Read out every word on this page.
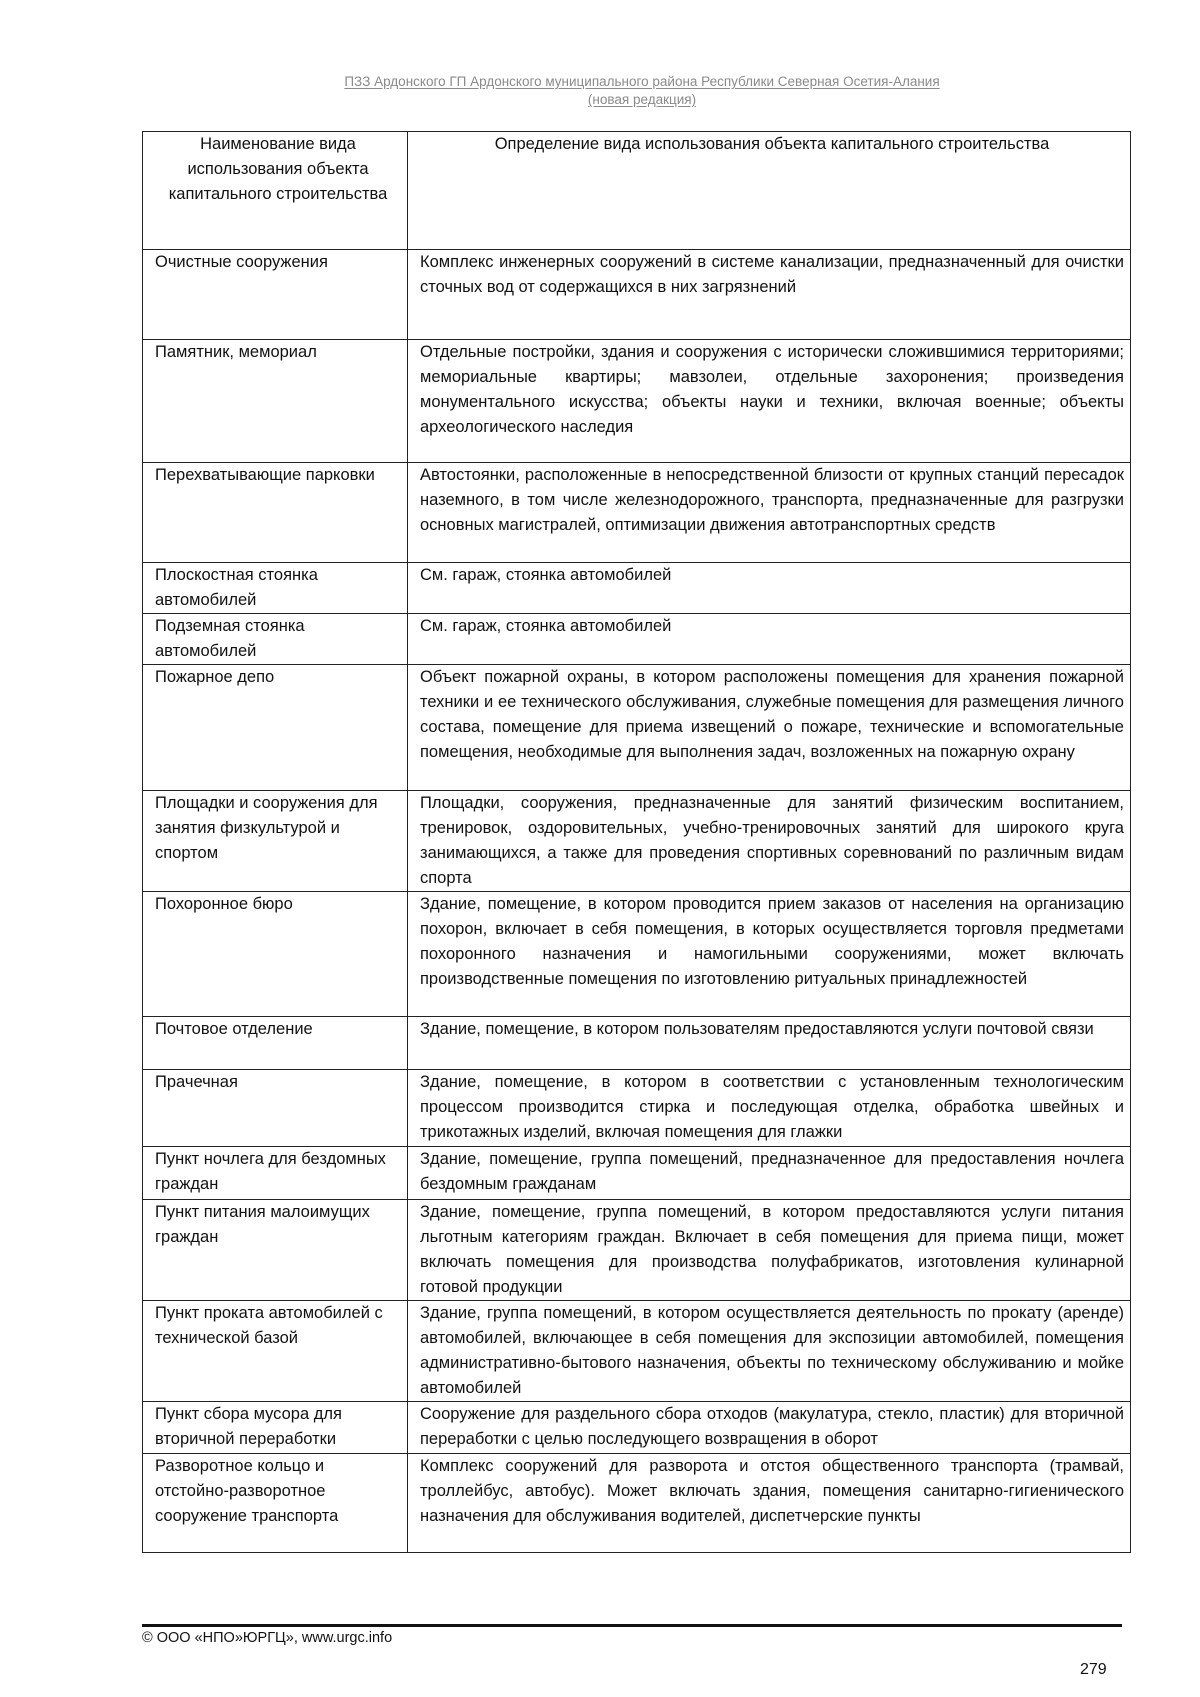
ПЗЗ Ардонского ГП Ардонского муниципального района Республики Северная Осетия-Алания
(новая редакция)
Наименование вида использования объекта капитального строительства	Определение вида использования объекта капитального строительства
Очистные сооружения	Комплекс инженерных сооружений в системе канализации, предназначенный для очистки сточных вод от содержащихся в них загрязнений
Памятник, мемориал	Отдельные постройки, здания и сооружения с исторически сложившимися территориями; мемориальные квартиры; мавзолеи, отдельные захоронения; произведения монументального искусства; объекты науки и техники, включая военные; объекты археологического наследия
Перехватывающие парковки	Автостоянки, расположенные в непосредственной близости от крупных станций пересадок наземного, в том числе железнодорожного, транспорта, предназначенные для разгрузки основных магистралей, оптимизации движения автотранспортных средств
Плоскостная стоянка автомобилей	См. гараж, стоянка автомобилей
Подземная стоянка автомобилей	См. гараж, стоянка автомобилей
Пожарное депо	Объект пожарной охраны, в котором расположены помещения для хранения пожарной техники и ее технического обслуживания, служебные помещения для размещения личного состава, помещение для приема извещений о пожаре, технические и вспомогательные помещения, необходимые для выполнения задач, возложенных на пожарную охрану
Площадки и сооружения для занятия физкультурой и спортом	Площадки, сооружения, предназначенные для занятий физическим воспитанием, тренировок, оздоровительных, учебно-тренировочных занятий для широкого круга занимающихся, а также для проведения спортивных соревнований по различным видам спорта
Похоронное бюро	Здание, помещение, в котором проводится прием заказов от населения на организацию похорон, включает в себя помещения, в которых осуществляется торговля предметами похоронного назначения и намогильными сооружениями, может включать производственные помещения по изготовлению ритуальных принадлежностей
Почтовое отделение	Здание, помещение, в котором пользователям предоставляются услуги почтовой связи
Прачечная	Здание, помещение, в котором в соответствии с установленным технологическим процессом производится стирка и последующая отделка, обработка швейных и трикотажных изделий, включая помещения для глажки
Пункт ночлега для бездомных граждан	Здание, помещение, группа помещений, предназначенное для предоставления ночлега бездомным гражданам
Пункт питания малоимущих граждан	Здание, помещение, группа помещений, в котором предоставляются услуги питания льготным категориям граждан. Включает в себя помещения для приема пищи, может включать помещения для производства полуфабрикатов, изготовления кулинарной готовой продукции
Пункт проката автомобилей с технической базой	Здание, группа помещений, в котором осуществляется деятельность по прокату (аренде) автомобилей, включающее в себя помещения для экспозиции автомобилей, помещения административно-бытового назначения, объекты по техническому обслуживанию и мойке автомобилей
Пункт сбора мусора для вторичной переработки	Сооружение для раздельного сбора отходов (макулатура, стекло, пластик) для вторичной переработки с целью последующего возвращения в оборот
Разворотное кольцо и отстойно-разворотное сооружение транспорта	Комплекс сооружений для разворота и отстоя общественного транспорта (трамвай, троллейбус, автобус). Может включать здания, помещения санитарно-гигиенического назначения для обслуживания водителей, диспетчерские пункты
© ООО «НПО»ЮРГЦ», www.urgc.info
279
